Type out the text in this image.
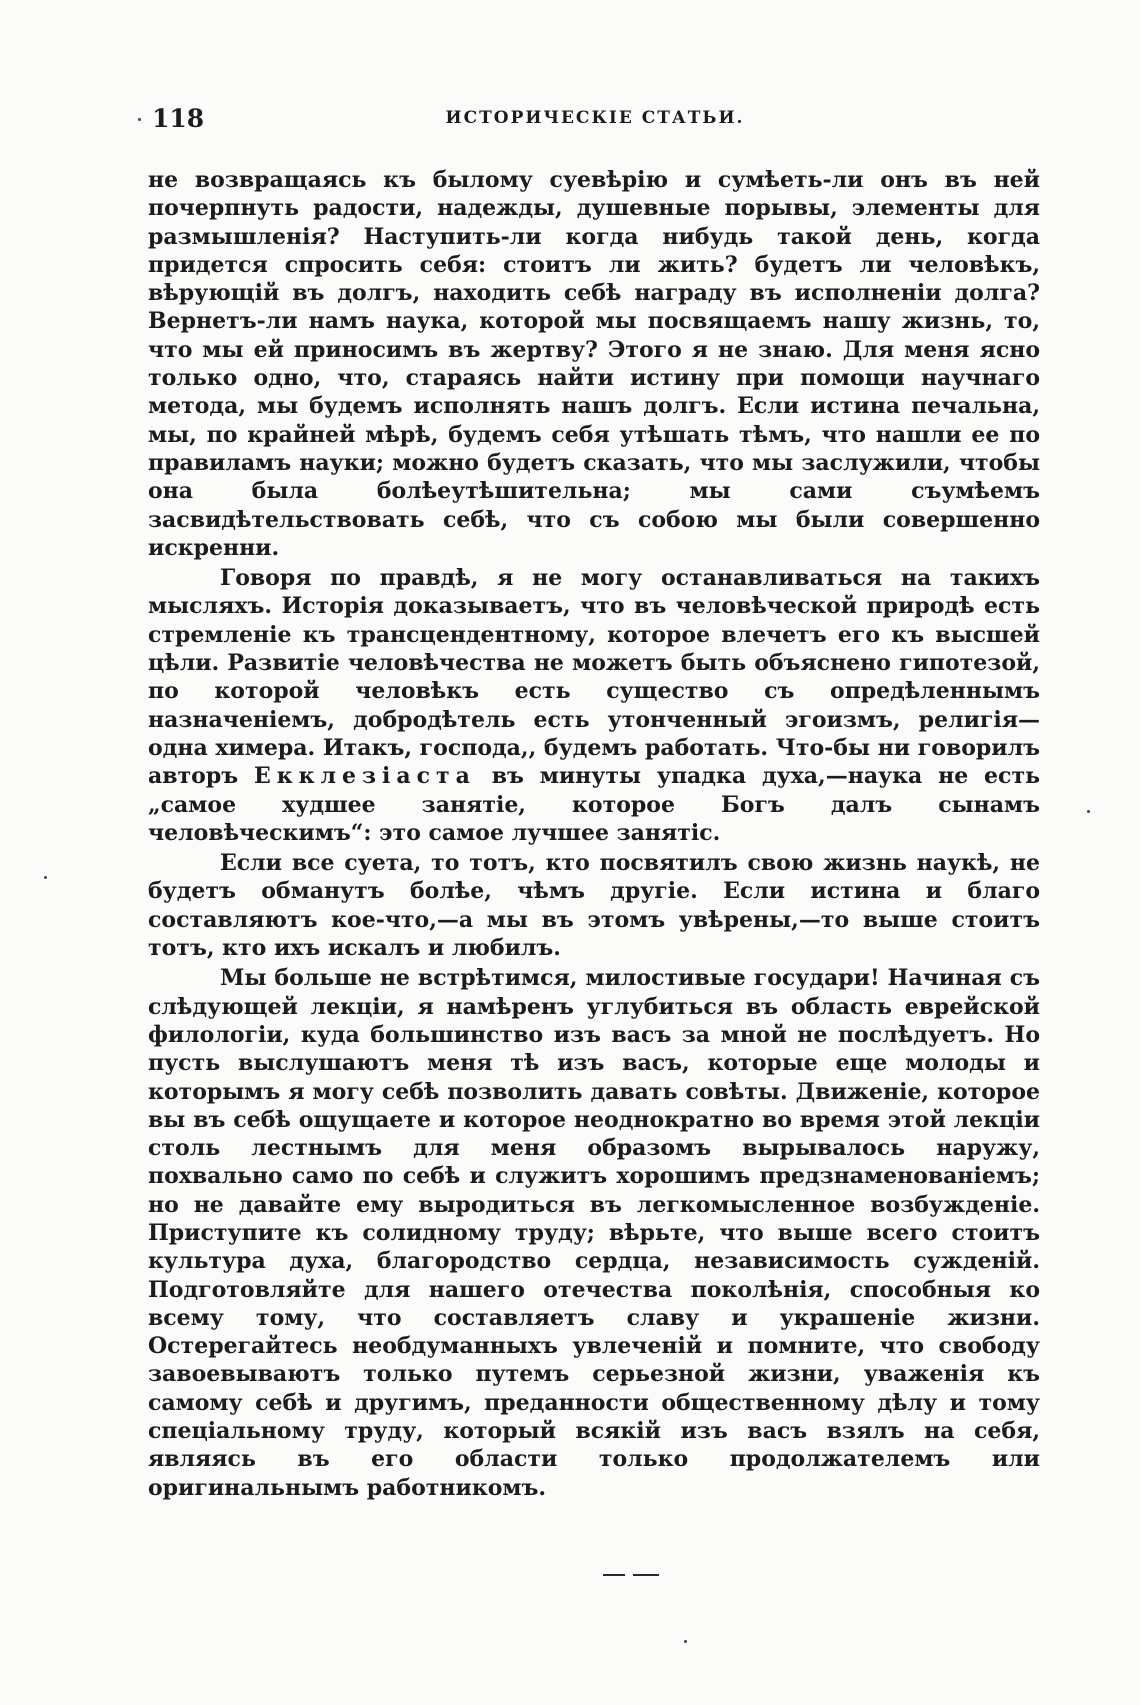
118	ИСТОРИЧЕСКІЕ СТАТЬИ.

не возвращаясь къ былому суевѣрію и сумѣеть-ли онъ въ ней почерпнуть радости, надежды, душевные порывы, элементы для размышленія? Наступить-ли когда нибудь такой день, когда придется спросить себя: стоитъ ли жить? будетъ ли человѣкъ, вѣрующій въ долгъ, находить себѣ награду въ исполненіи долга? Вернетъ-ли намъ наука, которой мы посвящаемъ нашу жизнь, то, что мы ей приносимъ въ жертву? Этого я не знаю. Для меня ясно только одно, что, стараясь найти истину при помощи научнаго метода, мы будемъ исполнять нашъ долгъ. Если истина печальна, мы, по крайней мѣрѣ, будемъ себя утѣшать тѣмъ, что нашли ее по правиламъ науки; можно будетъ сказать, что мы заслужили, чтобы она была болѣеутѣшительна; мы сами съумѣемъ засвидѣтельствовать себѣ, что съ собою мы были совершенно искренни.

Говоря по правдѣ, я не могу останавливаться на такихъ мысляхъ. Исторія доказываетъ, что въ человѣческой природѣ есть стремленіе къ трансцендентному, которое влечетъ его къ высшей цѣли. Развитіе человѣчества не можетъ быть объяснено гипотезой, по которой человѣкъ есть существо съ опредѣленнымъ назначеніемъ, добродѣтель есть утонченный эгоизмъ, религія—одна химера. Итакъ, господа,, будемъ работать. Что-бы ни говорилъ авторъ Екклезіаста въ минуты упадка духа,—наука не есть „самое худшее занятіе, которое Богъ далъ сынамъ человѣческимъ“: это самое лучшее занятіс.

Если все суета, то тотъ, кто посвятилъ свою жизнь наукѣ, не будетъ обманутъ болѣе, чѣмъ другіе. Если истина и благо составляютъ кое-что,—а мы въ этомъ увѣрены,—то выше стоитъ тотъ, кто ихъ искалъ и любилъ.

Мы больше не встрѣтимся, милостивые государи! Начиная съ слѣдующей лекціи, я намѣренъ углубиться въ область еврейской филологіи, куда большинство изъ васъ за мной не послѣдуетъ. Но пусть выслушаютъ меня тѣ изъ васъ, которые еще молоды и которымъ я могу себѣ позволить давать совѣты. Движеніе, которое вы въ себѣ ощущаете и которое неоднократно во время этой лекціи столь лестнымъ для меня образомъ вырывалось наружу, похвально само по себѣ и служитъ хорошимъ предзнаменованіемъ; но не давайте ему выродиться въ легкомысленное возбужденіе. Приступите къ солидному труду; вѣрьте, что выше всего стоитъ культура духа, благородство сердца, независимость сужденій. Подготовляйте для нашего отечества поколѣнія, способныя ко всему тому, что составляетъ славу и украшеніе жизни. Остерегайтесь необдуманныхъ увлеченій и помните, что свободу завоевываютъ только путемъ серьезной жизни, уваженія къ самому себѣ и другимъ, преданности общественному дѣлу и тому спеціальному труду, который всякій изъ васъ взялъ на себя, являясь въ его области только продолжателемъ или оригинальнымъ работникомъ.
